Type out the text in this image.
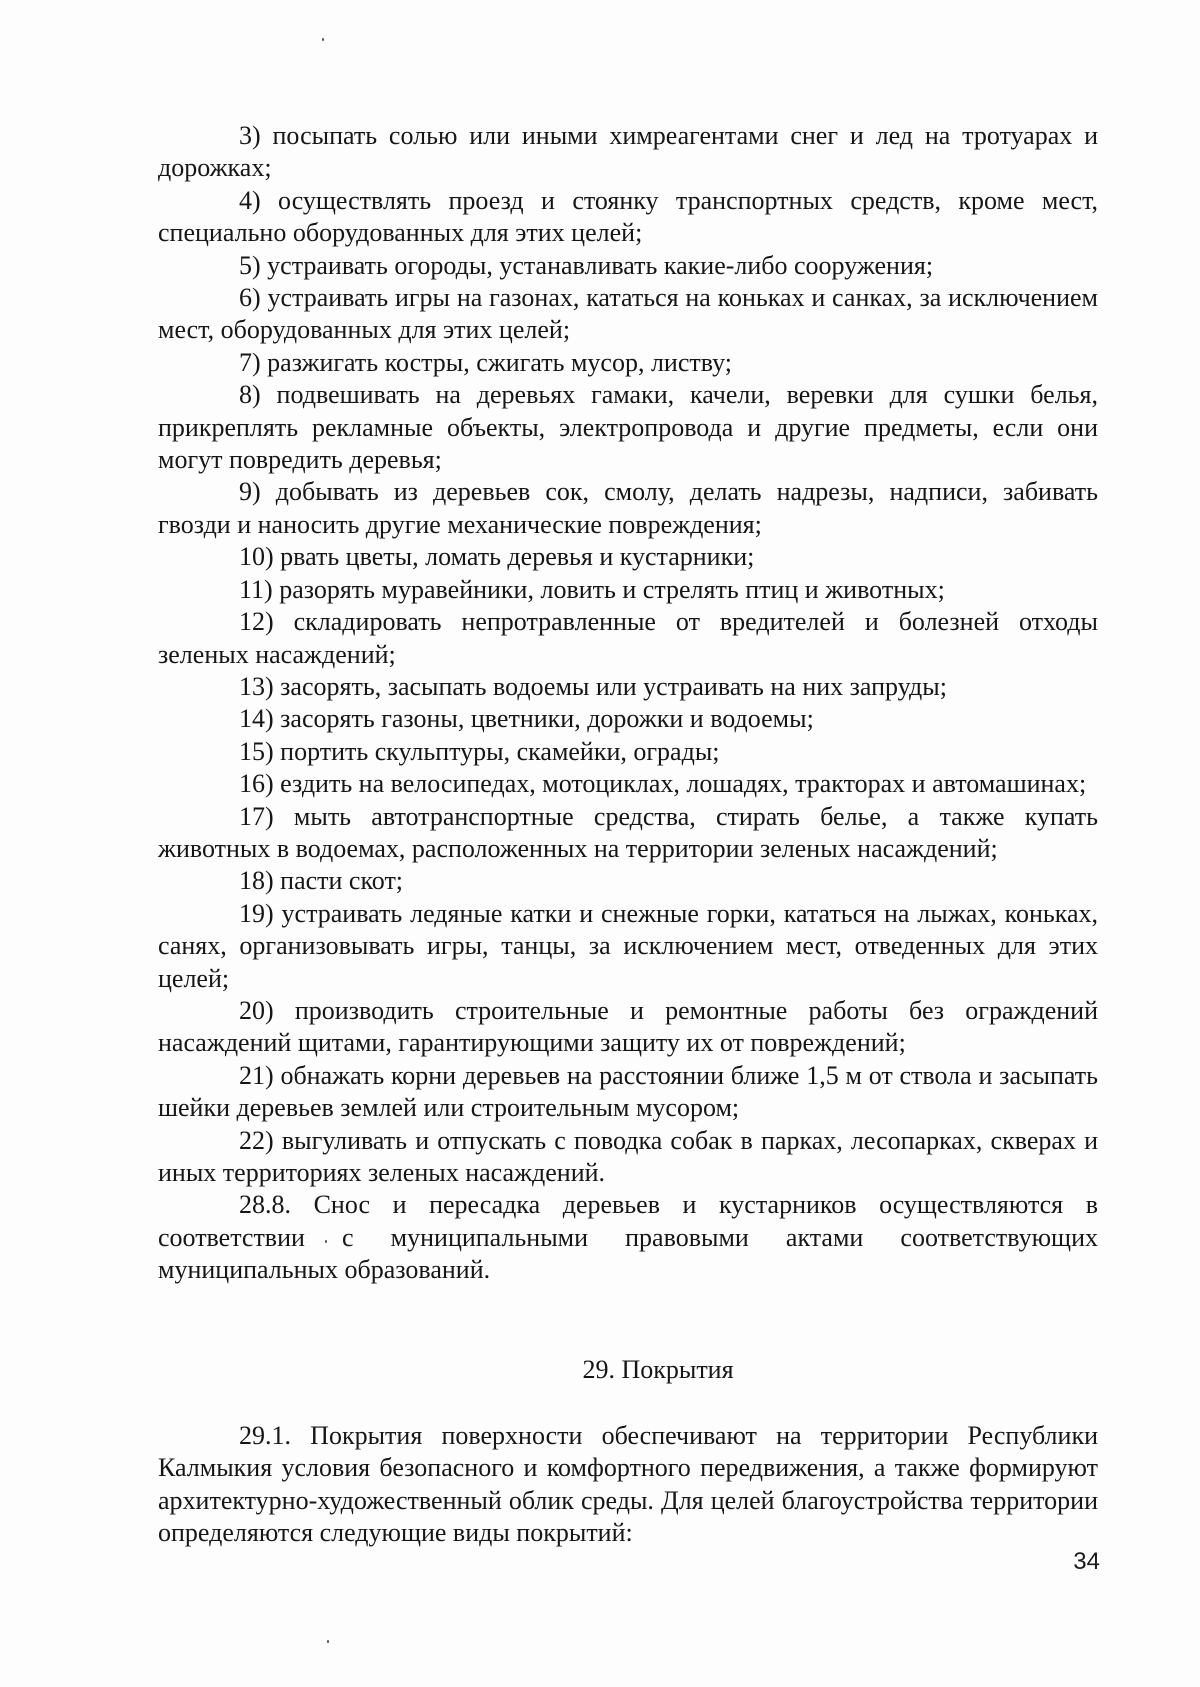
3) посыпать солью или иными химреагентами снег и лед на тротуарах и дорожках;

4) осуществлять проезд и стоянку транспортных средств, кроме мест, специально оборудованных для этих целей;

5) устраивать огороды, устанавливать какие-либо сооружения;

6) устраивать игры на газонах, кататься на коньках и санках, за исключением мест, оборудованных для этих целей;

7) разжигать костры, сжигать мусор, листву;

8) подвешивать на деревьях гамаки, качели, веревки для сушки белья, прикреплять рекламные объекты, электропровода и другие предметы, если они могут повредить деревья;

9) добывать из деревьев сок, смолу, делать надрезы, надписи, забивать гвозди и наносить другие механические повреждения;

10) рвать цветы, ломать деревья и кустарники;

11) разорять муравейники, ловить и стрелять птиц и животных;

12) складировать непротравленные от вредителей и болезней отходы зеленых насаждений;

13) засорять, засыпать водоемы или устраивать на них запруды;

14) засорять газоны, цветники, дорожки и водоемы;

15) портить скульптуры, скамейки, ограды;

16) ездить на велосипедах, мотоциклах, лошадях, тракторах и автомашинах;

17) мыть автотранспортные средства, стирать белье, а также купать животных в водоемах, расположенных на территории зеленых насаждений;

18) пасти скот;

19) устраивать ледяные катки и снежные горки, кататься на лыжах, коньках, санях, организовывать игры, танцы, за исключением мест, отведенных для этих целей;

20) производить строительные и ремонтные работы без ограждений насаждений щитами, гарантирующими защиту их от повреждений;

21) обнажать корни деревьев на расстоянии ближе 1,5 м от ствола и засыпать шейки деревьев землей или строительным мусором;

22) выгуливать и отпускать с поводка собак в парках, лесопарках, скверах и иных территориях зеленых насаждений.

28.8. Снос и пересадка деревьев и кустарников осуществляются в соответствии с муниципальными правовыми актами соответствующих муниципальных образований.

29. Покрытия

29.1. Покрытия поверхности обеспечивают на территории Республики Калмыкия условия безопасного и комфортного передвижения, а также формируют архитектурно-художественный облик среды. Для целей благоустройства территории определяются следующие виды покрытий:

34
